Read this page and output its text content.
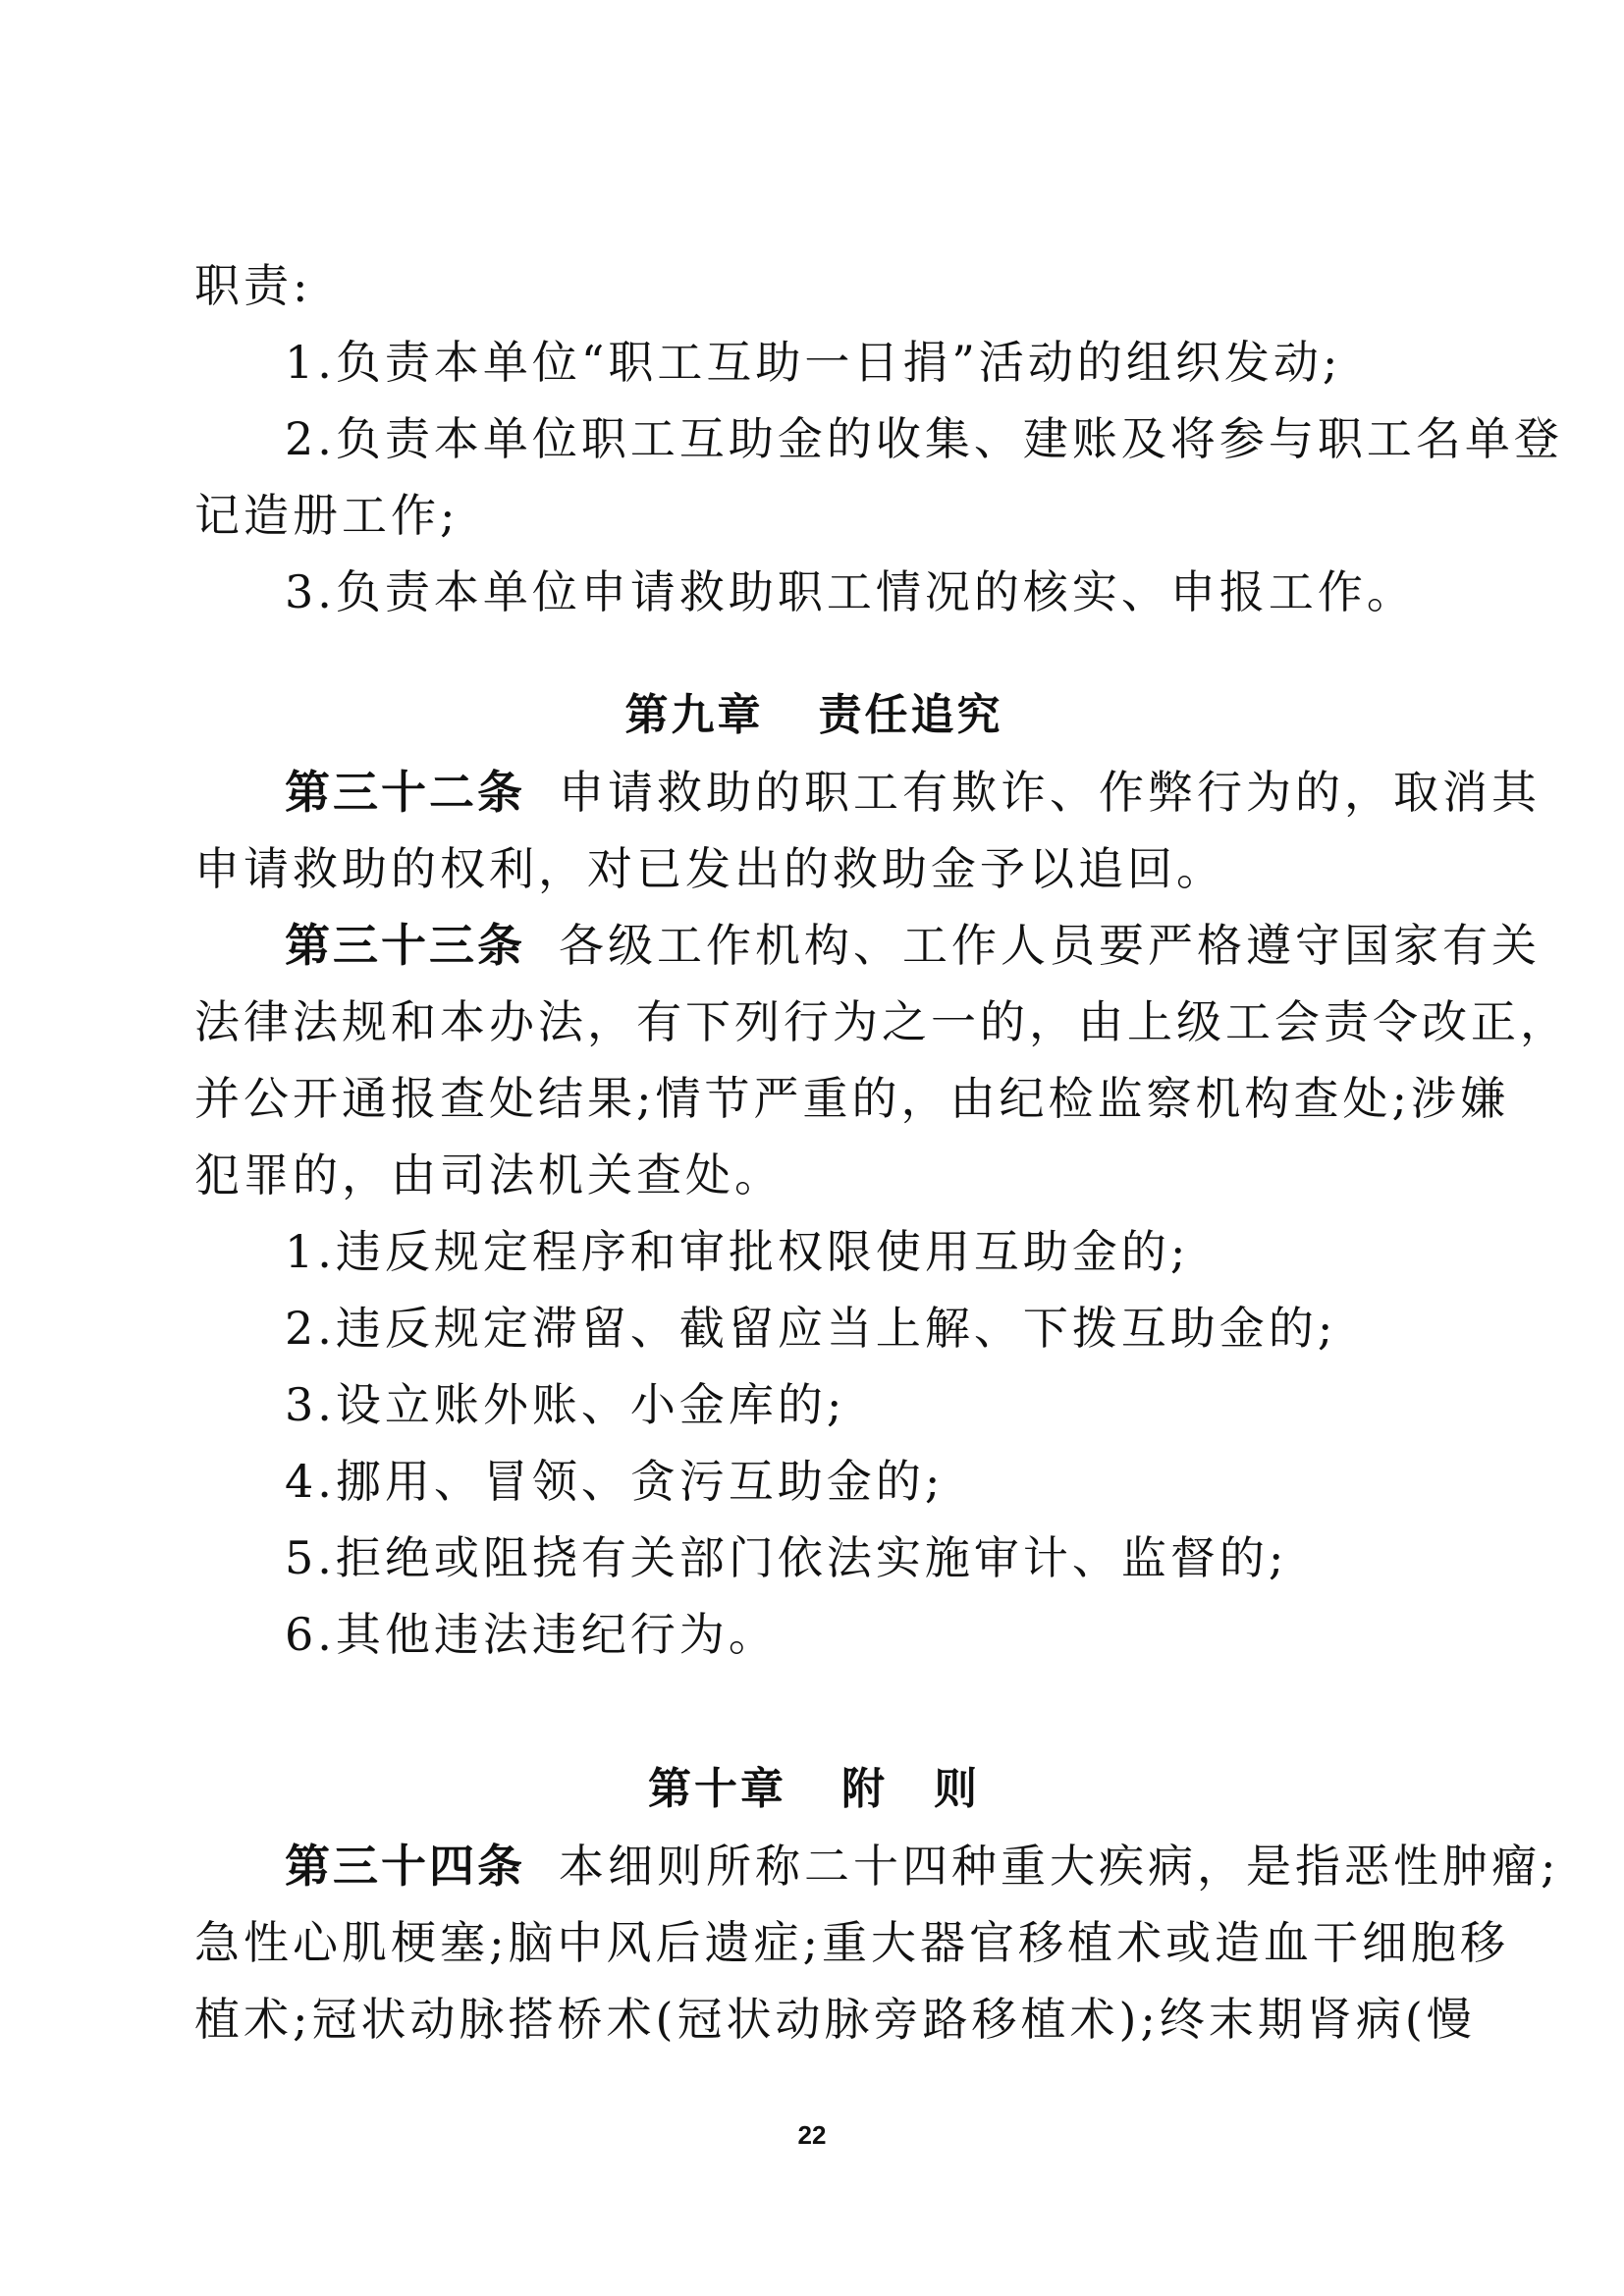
职责:
1.负责本单位“职工互助一日捐”活动的组织发动;
2.负责本单位职工互助金的收集、建账及将参与职工名单登
记造册工作;
3.负责本单位申请救助职工情况的核实、申报工作。
第九章 责任追究
第三十二条 申请救助的职工有欺诈、作弊行为的，取消其
申请救助的权利，对已发出的救助金予以追回。
第三十三条 各级工作机构、工作人员要严格遵守国家有关
法律法规和本办法，有下列行为之一的，由上级工会责令改正，
并公开通报查处结果;情节严重的，由纪检监察机构查处;涉嫌
犯罪的，由司法机关查处。
1.违反规定程序和审批权限使用互助金的;
2.违反规定滞留、截留应当上解、下拨互助金的;
3.设立账外账、小金库的;
4.挪用、冒领、贪污互助金的;
5.拒绝或阻挠有关部门依法实施审计、监督的;
6.其他违法违纪行为。
第十章 附　则
第三十四条 本细则所称二十四种重大疾病，是指恶性肿瘤;
急性心肌梗塞;脑中风后遗症;重大器官移植术或造血干细胞移
植术;冠状动脉搭桥术(冠状动脉旁路移植术);终末期肾病(慢
22
